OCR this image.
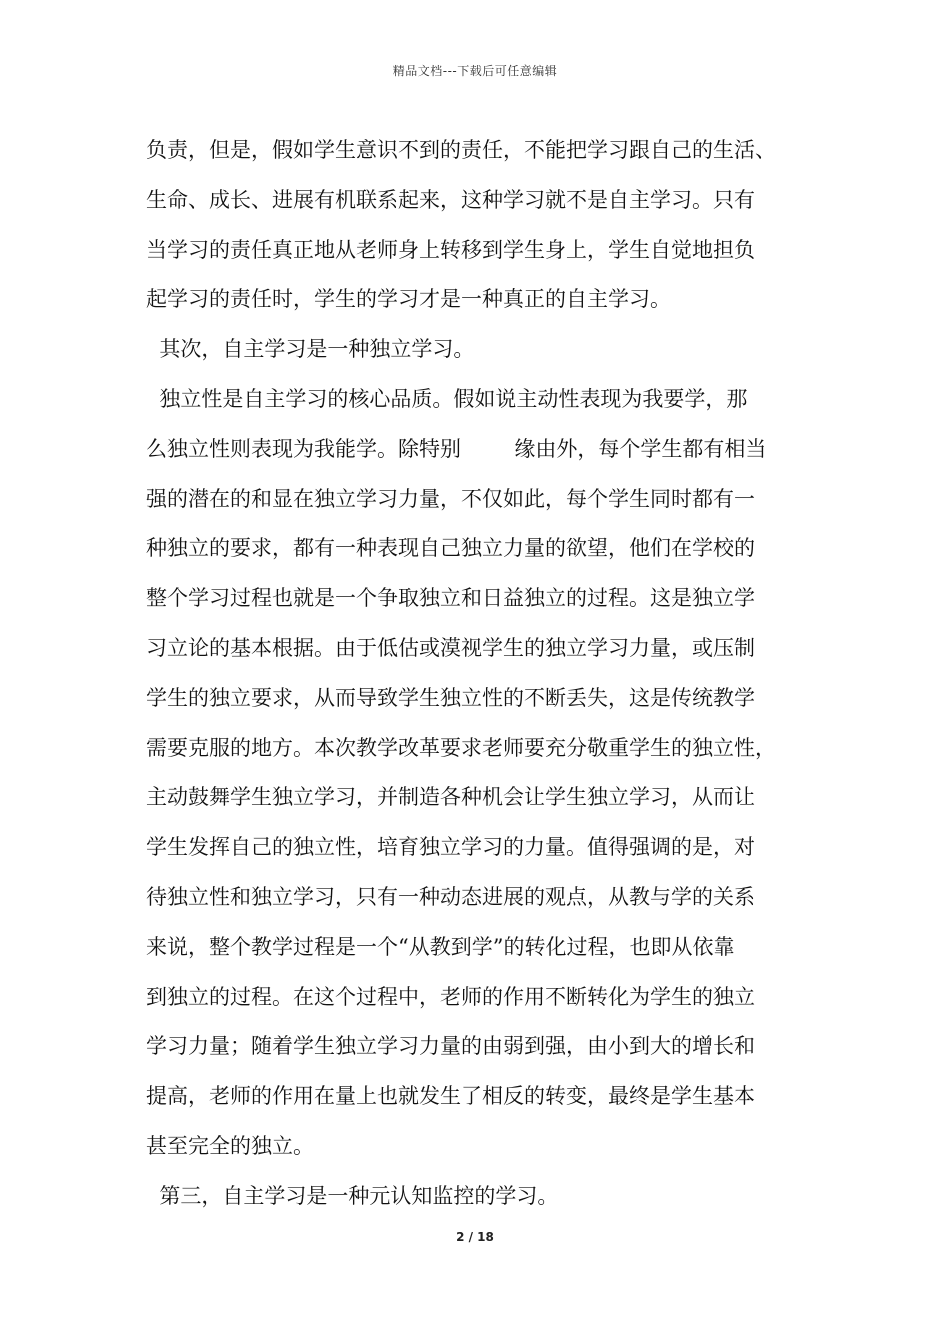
精品文档---下载后可任意编辑
负责，但是，假如学生意识不到的责任，不能把学习跟自己的生活、
生命、成长、进展有机联系起来，这种学习就不是自主学习。只有
当学习的责任真正地从老师身上转移到学生身上，学生自觉地担负
起学习的责任时，学生的学习才是一种真正的自主学习。
其次，自主学习是一种独立学习。
独立性是自主学习的核心品质。假如说主动性表现为我要学，那
么独立性则表现为我能学。除特别        缘由外，每个学生都有相当
强的潜在的和显在独立学习力量，不仅如此，每个学生同时都有一
种独立的要求，都有一种表现自己独立力量的欲望，他们在学校的
整个学习过程也就是一个争取独立和日益独立的过程。这是独立学
习立论的基本根据。由于低估或漠视学生的独立学习力量，或压制
学生的独立要求，从而导致学生独立性的不断丢失，这是传统教学
需要克服的地方。本次教学改革要求老师要充分敬重学生的独立性，
主动鼓舞学生独立学习，并制造各种机会让学生独立学习，从而让
学生发挥自己的独立性，培育独立学习的力量。值得强调的是，对
待独立性和独立学习，只有一种动态进展的观点，从教与学的关系
来说，整个教学过程是一个“从教到学”的转化过程，也即从依靠
到独立的过程。在这个过程中，老师的作用不断转化为学生的独立
学习力量；随着学生独立学习力量的由弱到强，由小到大的增长和
提高，老师的作用在量上也就发生了相反的转变，最终是学生基本
甚至完全的独立。
第三，自主学习是一种元认知监控的学习。
2 / 18
